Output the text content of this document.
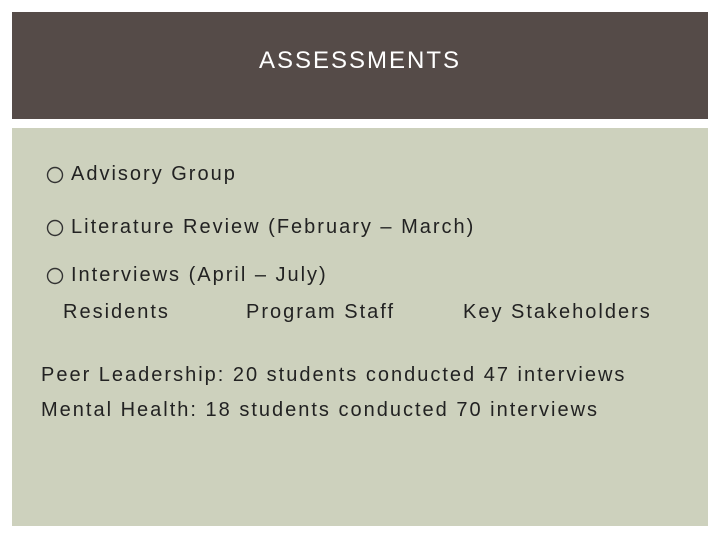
ASSESSMENTS
Advisory Group
Literature Review (February – March)
Interviews (April – July)
Residents	Program Staff	Key Stakeholders
Peer Leadership: 20 students conducted 47 interviews
Mental Health: 18 students conducted 70 interviews
